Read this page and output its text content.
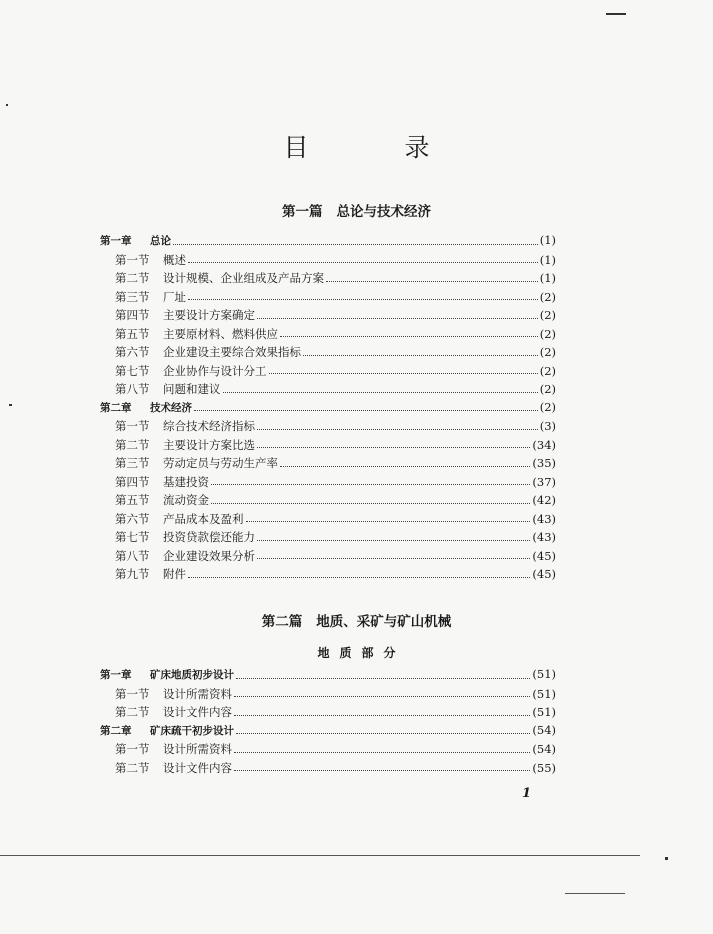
目 录
第一篇 总论与技术经济
第一章	总论	(1)
第一节	概述	(1)
第二节	设计规模、企业组成及产品方案	(1)
第三节	厂址	(2)
第四节	主要设计方案确定	(2)
第五节	主要原材料、燃料供应	(2)
第六节	企业建设主要综合效果指标	(2)
第七节	企业协作与设计分工	(2)
第八节	问题和建议	(2)
第二章	技术经济	(2)
第一节	综合技术经济指标	(3)
第二节	主要设计方案比选	(34)
第三节	劳动定员与劳动生产率	(35)
第四节	基建投资	(37)
第五节	流动资金	(42)
第六节	产品成本及盈利	(43)
第七节	投资贷款偿还能力	(43)
第八节	企业建设效果分析	(45)
第九节	附件	(45)
第二篇 地质、采矿与矿山机械
地质部分
第一章	矿床地质初步设计	(51)
第一节	设计所需资料	(51)
第二节	设计文件内容	(51)
第二章	矿床疏干初步设计	(54)
第一节	设计所需资料	(54)
第二节	设计文件内容	(55)
1
